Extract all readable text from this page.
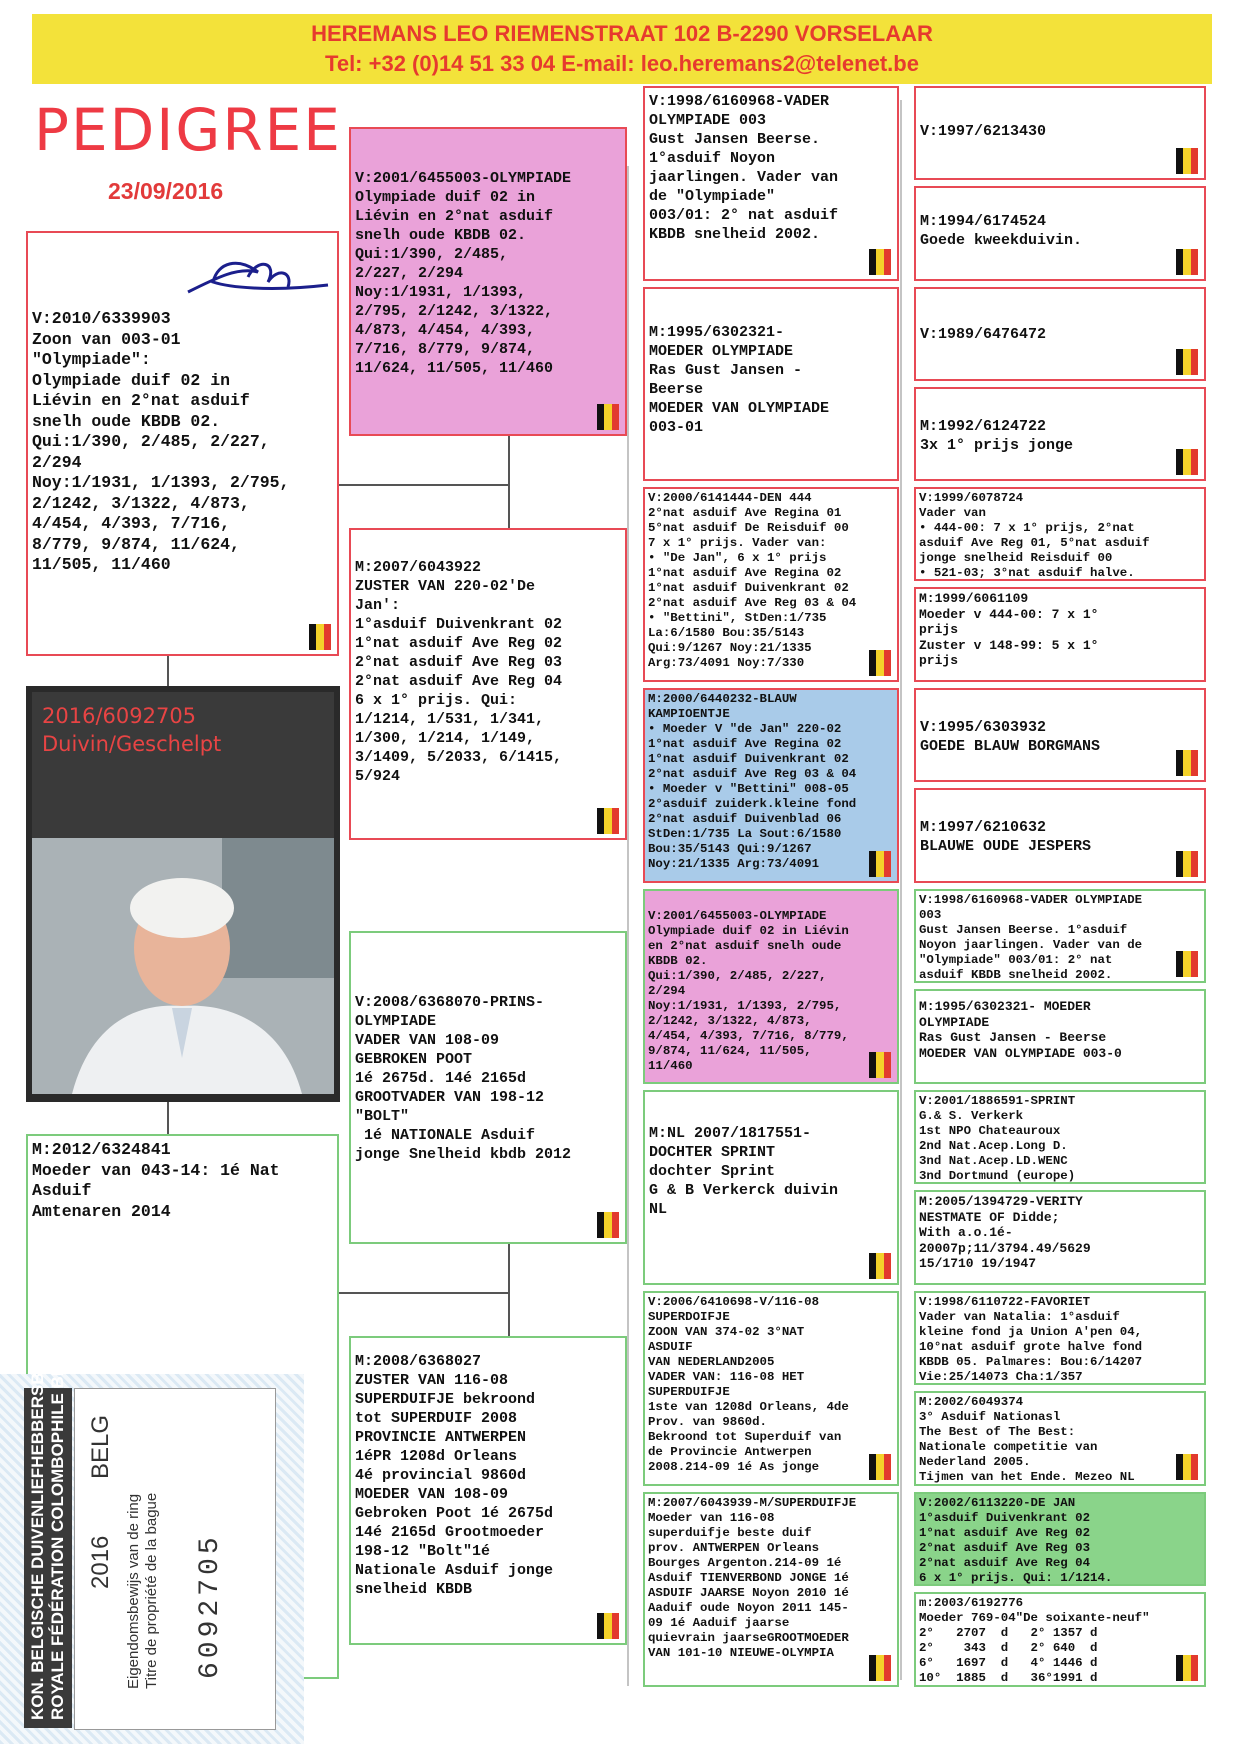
HEREMANS LEO RIEMENSTRAAT 102 B-2290 VORSELAAR
Tel: +32 (0)14 51 33 04 E-mail: leo.heremans2@telenet.be
PEDIGREE
23/09/2016
V:2010/6339903
Zoon van 003-01
"Olympiade":
Olympiade duif 02 in
Liévin en 2°nat asduif
snelh oude KBDB 02.
Qui:1/390, 2/485, 2/227,
2/294
Noy:1/1931, 1/1393, 2/795,
2/1242, 3/1322, 4/873,
4/454, 4/393, 7/716,
8/779, 9/874, 11/624,
11/505, 11/460
2016/6092705
Duivin/Geschelpt
M:2012/6324841
Moeder van 043-14: 1é Nat
Asduif
Amtenaren 2014
KON. BELGISCHE DUIVENLIEFHEBBERSBOND ROYALE FÉDÉRATION COLOMBOPHILE BELGE 2016
BELG
Eigendomsbewijs van de ring Titre de propriété de la bague 6092705
V:2001/6455003-OLYMPIADE
Olympiade duif 02 in
Liévin en 2°nat asduif
snelh oude KBDB 02.
Qui:1/390, 2/485,
2/227, 2/294
Noy:1/1931, 1/1393,
2/795, 2/1242, 3/1322,
4/873, 4/454, 4/393,
7/716, 8/779, 9/874,
11/624, 11/505, 11/460
M:2007/6043922
ZUSTER VAN 220-02'De
Jan':
1°asduif Duivenkrant 02
1°nat asduif Ave Reg 02
2°nat asduif Ave Reg 03
2°nat asduif Ave Reg 04
6 x 1° prijs. Qui:
1/1214, 1/531, 1/341,
1/300, 1/214, 1/149,
3/1409, 5/2033, 6/1415,
5/924
V:2008/6368070-PRINS-
OLYMPIADE
VADER VAN 108-09
GEBROKEN POOT
1é 2675d. 14é 2165d
GROOTVADER VAN 198-12
"BOLT"
1é NATIONALE Asduif
jonge Snelheid kbdb 2012
M:2008/6368027
ZUSTER VAN 116-08
SUPERDUIFJE bekroond
tot SUPERDUIF 2008
PROVINCIE ANTWERPEN
1éPR 1208d Orleans
4é provincial 9860d
MOEDER VAN 108-09
Gebroken Poot 1é 2675d
14é 2165d Grootmoeder
198-12 "Bolt"1é
Nationale Asduif jonge
snelheid KBDB
V:1998/6160968-VADER
OLYMPIADE 003
Gust Jansen Beerse.
1°asduif Noyon
jaarlingen. Vader van
de "Olympiade"
003/01: 2° nat asduif
KBDB snelheid 2002.
M:1995/6302321-
MOEDER OLYMPIADE
Ras Gust Jansen -
Beerse
MOEDER VAN OLYMPIADE
003-01
V:2000/6141444-DEN 444
2°nat asduif Ave Regina 01
5°nat asduif De Reisduif 00
7 x 1° prijs. Vader van:
• "De Jan", 6 x 1° prijs
1°nat asduif Ave Regina 02
1°nat asduif Duivenkrant 02
2°nat asduif Ave Reg 03 & 04
• "Bettini", StDen:1/735
La:6/1580 Bou:35/5143
Qui:9/1267 Noy:21/1335
Arg:73/4091 Noy:7/330
M:2000/6440232-BLAUW
KAMPIOENTJE
• Moeder V "de Jan" 220-02
1°nat asduif Ave Regina 02
1°nat asduif Duivenkrant 02
2°nat asduif Ave Reg 03 & 04
• Moeder v "Bettini" 008-05
2°asduif zuiderk.kleine fond
2°nat asduif Duivenblad 06
StDen:1/735 La Sout:6/1580
Bou:35/5143 Qui:9/1267
Noy:21/1335 Arg:73/4091
V:2001/6455003-OLYMPIADE
Olympiade duif 02 in Liévin
en 2°nat asduif snelh oude
KBDB 02.
Qui:1/390, 2/485, 2/227,
2/294
Noy:1/1931, 1/1393, 2/795,
2/1242, 3/1322, 4/873,
4/454, 4/393, 7/716, 8/779,
9/874, 11/624, 11/505,
11/460
M:NL 2007/1817551-
DOCHTER SPRINT
dochter Sprint
G & B Verkerck duivin
NL
V:2006/6410698-V/116-08
SUPERDOIFJE
ZOON VAN 374-02 3°NAT
ASDUIF
VAN NEDERLAND2005
VADER VAN: 116-08 HET
SUPERDUIFJE
1ste van 1208d Orleans, 4de
Prov. van 9860d.
Bekroond tot Superduif van
de Provincie Antwerpen
2008.214-09 1é As jonge
M:2007/6043939-M/SUPERDUIFJE
Moeder van 116-08
superduifje beste duif
prov. ANTWERPEN Orleans
Bourges Argenton.214-09 1é
Asduif TIENVERBOND JONGE 1é
ASDUIF JAARSE Noyon 2010 1é
Aaduif oude Noyon 2011 145-
09 1é Aaduif jaarse
quievrain jaarseGROOTMOEDER
VAN 101-10 NIEUWE-OLYMPIA
V:1997/6213430
M:1994/6174524
Goede kweekduivin.
V:1989/6476472
M:1992/6124722
3x 1° prijs jonge
V:1999/6078724
Vader van
• 444-00: 7 x 1° prijs, 2°nat
asduif Ave Reg 01, 5°nat asduif
jonge snelheid Reisduif 00
• 521-03; 3°nat asduif halve.
M:1999/6061109
Moeder v 444-00: 7 x 1°
prijs
Zuster v 148-99: 5 x 1°
prijs
V:1995/6303932
GOEDE BLAUW BORGMANS
M:1997/6210632
BLAUWE OUDE JESPERS
V:1998/6160968-VADER OLYMPIADE
003
Gust Jansen Beerse. 1°asduif
Noyon jaarlingen. Vader van de
"Olympiade" 003/01: 2° nat
asduif KBDB snelheid 2002.
M:1995/6302321- MOEDER
OLYMPIADE
Ras Gust Jansen - Beerse
MOEDER VAN OLYMPIADE 003-0
V:2001/1886591-SPRINT
G.& S. Verkerk
1st NPO Chateauroux
2nd Nat.Acep.Long D.
3nd Nat.Acep.LD.WENC
3nd Dortmund (europe)
M:2005/1394729-VERITY
NESTMATE OF Didde;
With a.o.1é-
20007p;11/3794.49/5629
15/1710 19/1947
V:1998/6110722-FAVORIET
Vader van Natalia: 1°asduif
kleine fond ja Union A'pen 04,
10°nat asduif grote halve fond
KBDB 05. Palmares: Bou:6/14207
Vie:25/14073 Cha:1/357
M:2002/6049374
3° Asduif Nationasl
The Best of The Best:
Nationale competitie van
Nederland 2005.
Tijmen van het Ende. Mezeo NL
V:2002/6113220-DE JAN
1°asduif Duivenkrant 02
1°nat asduif Ave Reg 02
2°nat asduif Ave Reg 03
2°nat asduif Ave Reg 04
6 x 1° prijs. Qui: 1/1214.
m:2003/6192776
Moeder 769-04"De soixante-neuf"
2°   2707  d   2° 1357 d
2°    343  d   2° 640  d
6°   1697  d   4° 1446 d
10°  1885  d   36°1991 d
